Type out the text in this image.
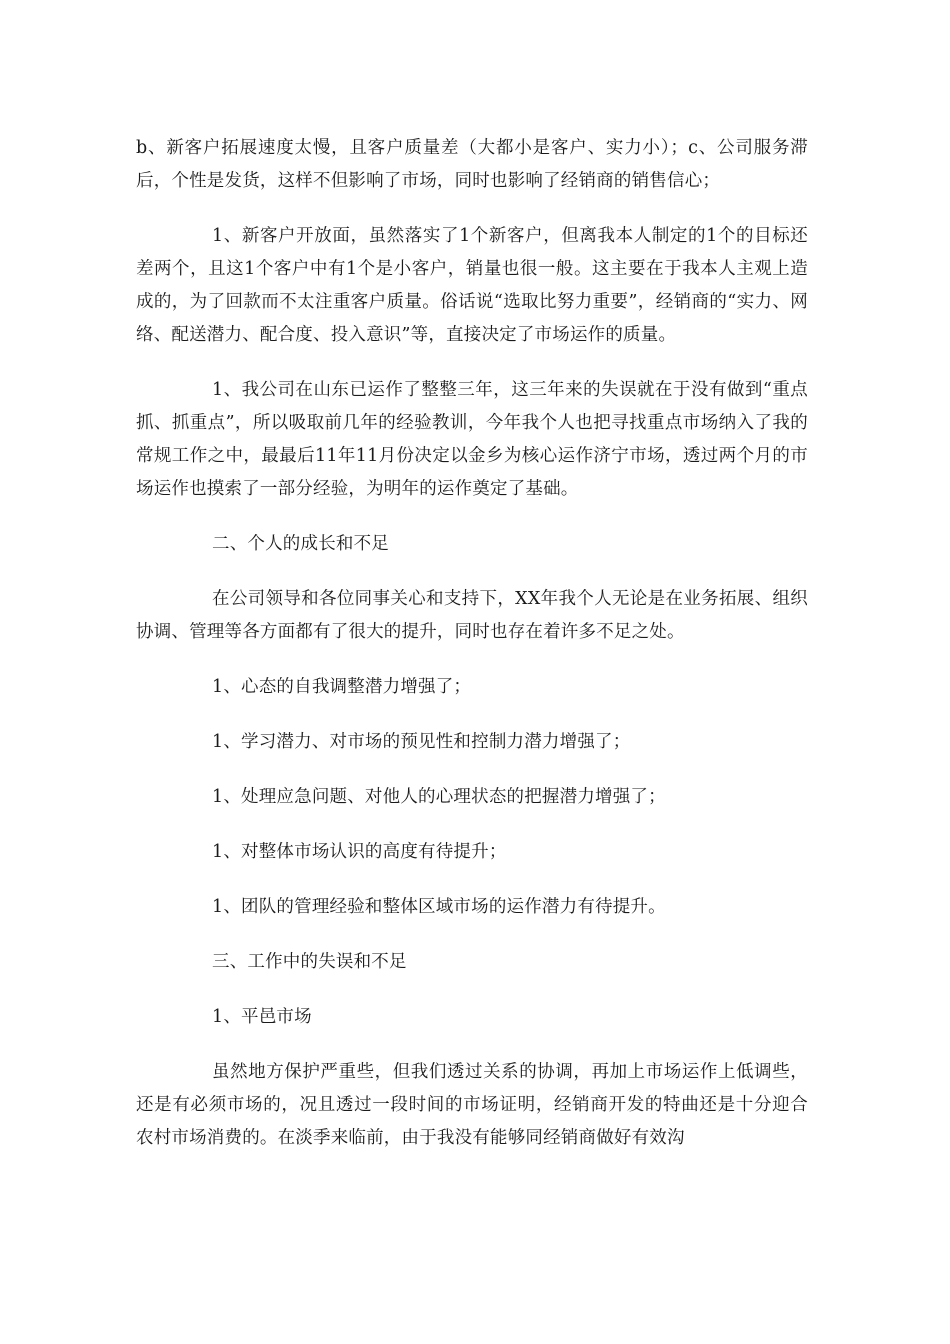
b、新客户拓展速度太慢，且客户质量差（大都小是客户、实力小）；c、公司服务滞后，个性是发货，这样不但影响了市场，同时也影响了经销商的销售信心；

1、新客户开放面，虽然落实了1个新客户，但离我本人制定的1个的目标还差两个，且这1个客户中有1个是小客户，销量也很一般。这主要在于我本人主观上造成的，为了回款而不太注重客户质量。俗话说“选取比努力重要”，经销商的“实力、网络、配送潜力、配合度、投入意识”等，直接决定了市场运作的质量。

1、我公司在山东已运作了整整三年，这三年来的失误就在于没有做到“重点抓、抓重点”，所以吸取前几年的经验教训，今年我个人也把寻找重点市场纳入了我的常规工作之中，最最后11年11月份决定以金乡为核心运作济宁市场，透过两个月的市场运作也摸索了一部分经验，为明年的运作奠定了基础。

二、个人的成长和不足

在公司领导和各位同事关心和支持下，XX年我个人无论是在业务拓展、组织协调、管理等各方面都有了很大的提升，同时也存在着许多不足之处。

1、心态的自我调整潜力增强了；

1、学习潜力、对市场的预见性和控制力潜力增强了；

1、处理应急问题、对他人的心理状态的把握潜力增强了；

1、对整体市场认识的高度有待提升；

1、团队的管理经验和整体区域市场的运作潜力有待提升。

三、工作中的失误和不足

1、平邑市场

虽然地方保护严重些，但我们透过关系的协调，再加上市场运作上低调些，还是有必须市场的，况且透过一段时间的市场证明，经销商开发的特曲还是十分迎合农村市场消费的。在淡季来临前，由于我没有能够同经销商做好有效沟
